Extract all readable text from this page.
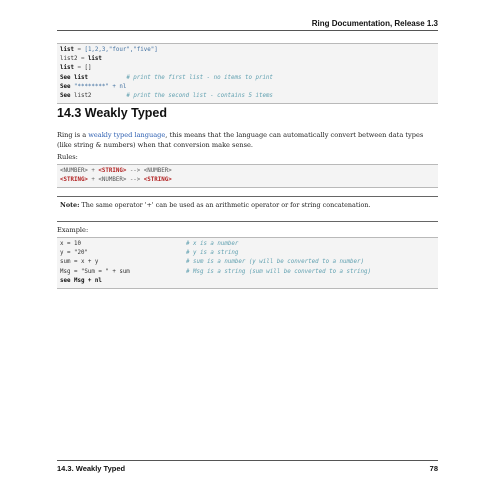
Ring Documentation, Release 1.3
list = [1,2,3,"four","five"]
list2 = list
list = []
See list	# print the first list - no items to print
See "********" + nl
See list2	# print the second list - contains 5 items
14.3 Weakly Typed
Ring is a weakly typed language, this means that the language can automatically convert between data types (like string & numbers) when that conversion make sense.
Rules:
<NUMBER> + <STRING> --> <NUMBER>
<STRING> + <NUMBER> --> <STRING>
Note: The same operator '+' can be used as an arithmetic operator or for string concatenation.
Example:
x = 10	# x is a number
y = "20"	# y is a string
sum = x + y	# sum is a number (y will be converted to a number)
Msg = "Sum = " + sum	# Msg is a string (sum will be converted to a string)
see Msg + nl
14.3. Weakly Typed	78
